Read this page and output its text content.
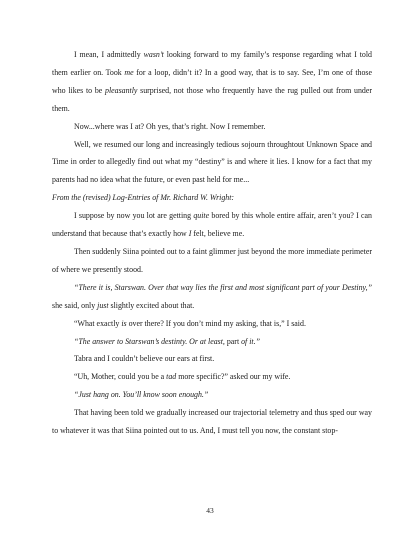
I mean, I admittedly wasn’t looking forward to my family’s response regarding what I told them earlier on. Took me for a loop, didn’t it? In a good way, that is to say. See, I’m one of those who likes to be pleasantly surprised, not those who frequently have the rug pulled out from under them.

Now...where was I at? Oh yes, that’s right. Now I remember.

Well, we resumed our long and increasingly tedious sojourn throughtout Unknown Space and Time in order to allegedly find out what my “destiny” is and where it lies. I know for a fact that my parents had no idea what the future, or even past held for me...

From the (revised) Log-Entries of Mr. Richard W. Wright:

I suppose by now you lot are getting quite bored by this whole entire affair, aren’t you? I can understand that because that’s exactly how I felt, believe me.

Then suddenly Siina pointed out to a faint glimmer just beyond the more immediate perimeter of where we presently stood.

“There it is, Starswan. Over that way lies the first and most significant part of your Destiny,” she said, only just slightly excited about that.

“What exactly is over there? If you don’t mind my asking, that is,” I said.

“The answer to Starswan’s destinty. Or at least, part of it.”

Tabra and I couldn’t believe our ears at first.

“Uh, Mother, could you be a tad more specific?” asked our my wife.

“Just hang on. You’ll know soon enough.”

That having been told we gradually increased our trajectorial telemetry and thus sped our way to whatever it was that Siina pointed out to us. And, I must tell you now, the constant stop-

43
